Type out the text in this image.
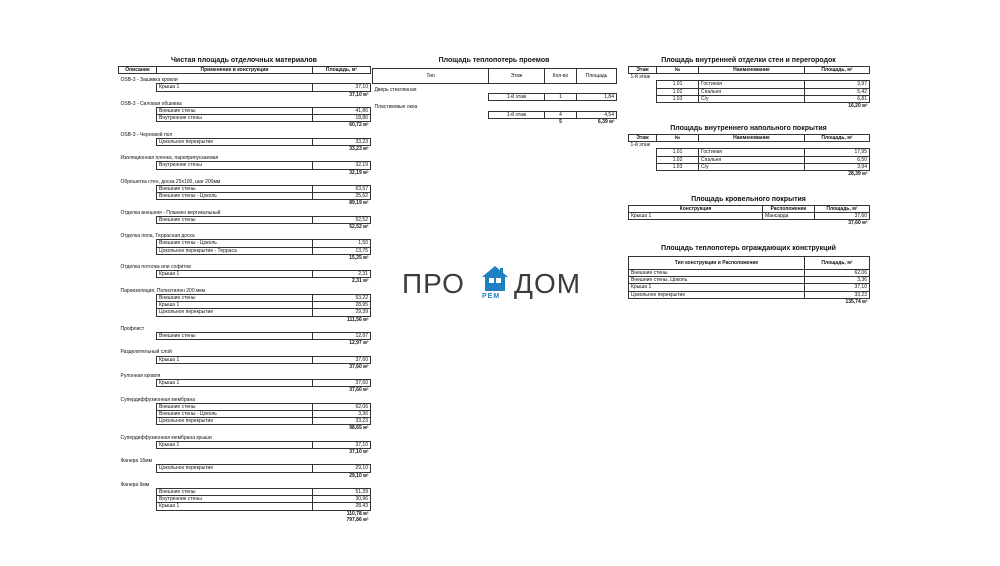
Чистая площадь отделочных материалов
Описание	Применение в конструкции	Площадь, м²
OSB-3 - Зашивка кровли		
	Крыша 1	37,10
		37,10 м²
OSB-3 - Силовая обшивка		
	Внешние стены	41,86
	Внутренние стены	18,86
		60,72 м²
OSB-3 - Черновой пол		
	Цокольное перекрытие	33,23
		33,23 м²
Изоляционная пленка, пароприпускаемая		
	Внутренние стены	32,19
		32,19 м²
Обрешетка стен, доска 25x100, шаг 200мм		
	Внешние стены	63,57
	Внешние стены - Цоколь	25,62
		89,19 м²
Отделка внешняя - Планкен вертикальный		
	Внешние стены	52,52
		52,52 м²
Отделка пола, Террасная доска		
	Внешние стены - Цоколь	1,50
	Цокольное перекрытие - Терраса	13,75
		15,25 м²
Отделка потолка или софитов		
	Крыша 1	2,31
		2,31 м²
Пароизоляция, Полиэтилен 200 мкм		
	Внешние стены	53,22
	Крыша 1	28,95
	Цокольное перекрытие	29,39
		111,56 м²
Профлист		
	Внешние стены	12,97
		12,97 м²
Разделительный слой		
	Крыша 1	37,60
		37,60 м²
Рулонная кровля		
	Крыша 1	37,60
		37,60 м²
Супердиффузионная мембрана		
	Внешние стены	62,06
	Внешние стены - Цоколь	3,36
	Цокольное перекрытие	33,23
		98,65 м²
Супердиффузионная мембрана крыши		
	Крыша 1	37,10
		37,10 м²
Фанера 16мм		
	Цокольное перекрытие	29,10
		29,10 м²
Фанера 6мм		
	Внешние стены	51,39
	Внутренние стены	30,96
	Крыша 1	28,43
		110,78 м²
		797,86 м²
Площадь теплопотерь проемов
Тип	Этаж	Кол-во	Площадь
Дверь стеклянная			
	1-й этаж	1	1,84
Пластиковые окна			
	1-й этаж	4	4,54
		5	6,39 м²
Площадь внутренней отделки стен и перегородок
Этаж	№	Наименование	Площадь, м²
1-й этаж			
	1.01	Гостиная	3,97
	1.02	Спальня	5,42
	1.03	С/у	6,81
			16,20 м²
Площадь внутреннего напольного покрытия
Этаж	№	Наименование	Площадь, м²
1-й этаж			
	1.01	Гостиная	17,95
	1.02	Спальня	6,50
	1.03	С/у	3,94
			28,39 м²
Площадь кровельного покрытия
Конструкция	Расположение	Площадь, м²
Крыша 1	Мансарда	37,60
		37,60 м²
Площадь теплопотерь ограждающих конструкций
Тип конструкции и Расположение	Площадь, м²
Внешние стены	62,06
Внешние стены, Цоколь	3,36
Крыша 1	37,10
Цокольное перекрытие	33,23
	135,74 м²
ПРО РЕМ ДОМ
